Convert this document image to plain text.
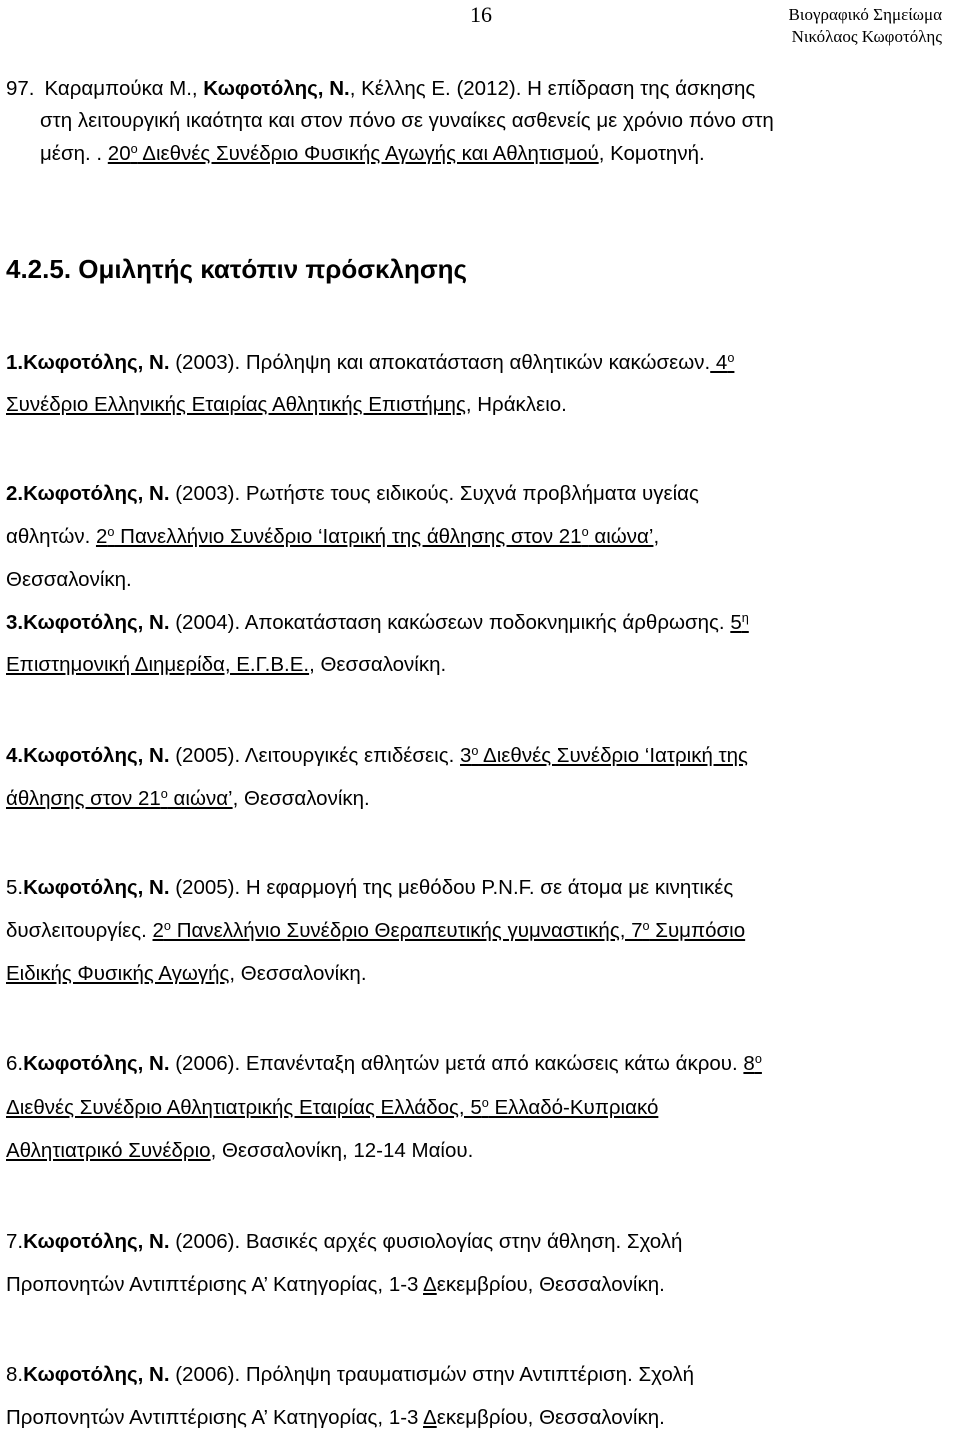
16	Βιογραφικό Σημείωμα
Νικόλαος Κωφοτόλης
97. Καραμπούκα Μ., Κωφοτόλης, Ν., Κέλλης Ε. (2012). Η επίδραση της άσκησης
στη λειτουργική ικαότητα και στον πόνο σε γυναίκες ασθενείς με χρόνιο πόνο στη
μέση. . $20^o$ Διεθνές Συνέδριο Φυσικής Αγωγής και Αθλητισμού, Κομοτηνή.
4.2.5. Ομιλητής κατόπιν πρόσκλησης
1.Κωφοτόλης, Ν. (2003). Πρόληψη και αποκατάσταση αθλητικών κακώσεων. $4^o$
Συνέδριο Ελληνικής Εταιρίας Αθλητικής Επιστήμης, Ηράκλειο.
2.Κωφοτόλης, Ν. (2003). Ρωτήστε τους ειδικούς. Συχνά προβλήματα υγείας
αθλητών. $2^o$ Πανελλήνιο Συνέδριο ‘Ιατρική της άθλησης στον $21^o$ αιώνα’,
Θεσσαλονίκη.
3.Κωφοτόλης, Ν. (2004). Αποκατάσταση κακώσεων ποδοκνημικής άρθρωσης. $5^\eta$
Επιστημονική Διημερίδα, Ε.Γ.Β.Ε., Θεσσαλονίκη.
4.Κωφοτόλης, Ν. (2005). Λειτουργικές επιδέσεις. $3^o$ Διεθνές Συνέδριο ‘Ιατρική της
άθλησης στον $21^o$ αιώνα’, Θεσσαλονίκη.
5.Κωφοτόλης, Ν. (2005). Η εφαρμογή της μεθόδου P.N.F. σε άτομα με κινητικές
δυσλειτουργίες. $2^o$ Πανελλήνιο Συνέδριο Θεραπευτικής γυμναστικής, $7^o$ Συμπόσιο
Ειδικής Φυσικής Αγωγής, Θεσσαλονίκη.
6.Κωφοτόλης, Ν. (2006). Επανένταξη αθλητών μετά από κακώσεις κάτω άκρου. $8^o$
Διεθνές Συνέδριο Αθλητιατρικής Εταιρίας Ελλάδος, $5^o$ Ελλαδό-Κυπριακό
Αθλητιατρικό Συνέδριο, Θεσσαλονίκη, 12-14 Μαίου.
7.Κωφοτόλης, Ν. (2006). Βασικές αρχές φυσιολογίας στην άθληση. Σχολή
Προπονητών Αντιπτέρισης Α’ Κατηγορίας, 1-3 Δεκεμβρίου, Θεσσαλονίκη.
8.Κωφοτόλης, Ν. (2006). Πρόληψη τραυματισμών στην Αντιπτέριση. Σχολή
Προπονητών Αντιπτέρισης Α’ Κατηγορίας, 1-3 Δεκεμβρίου, Θεσσαλονίκη.
